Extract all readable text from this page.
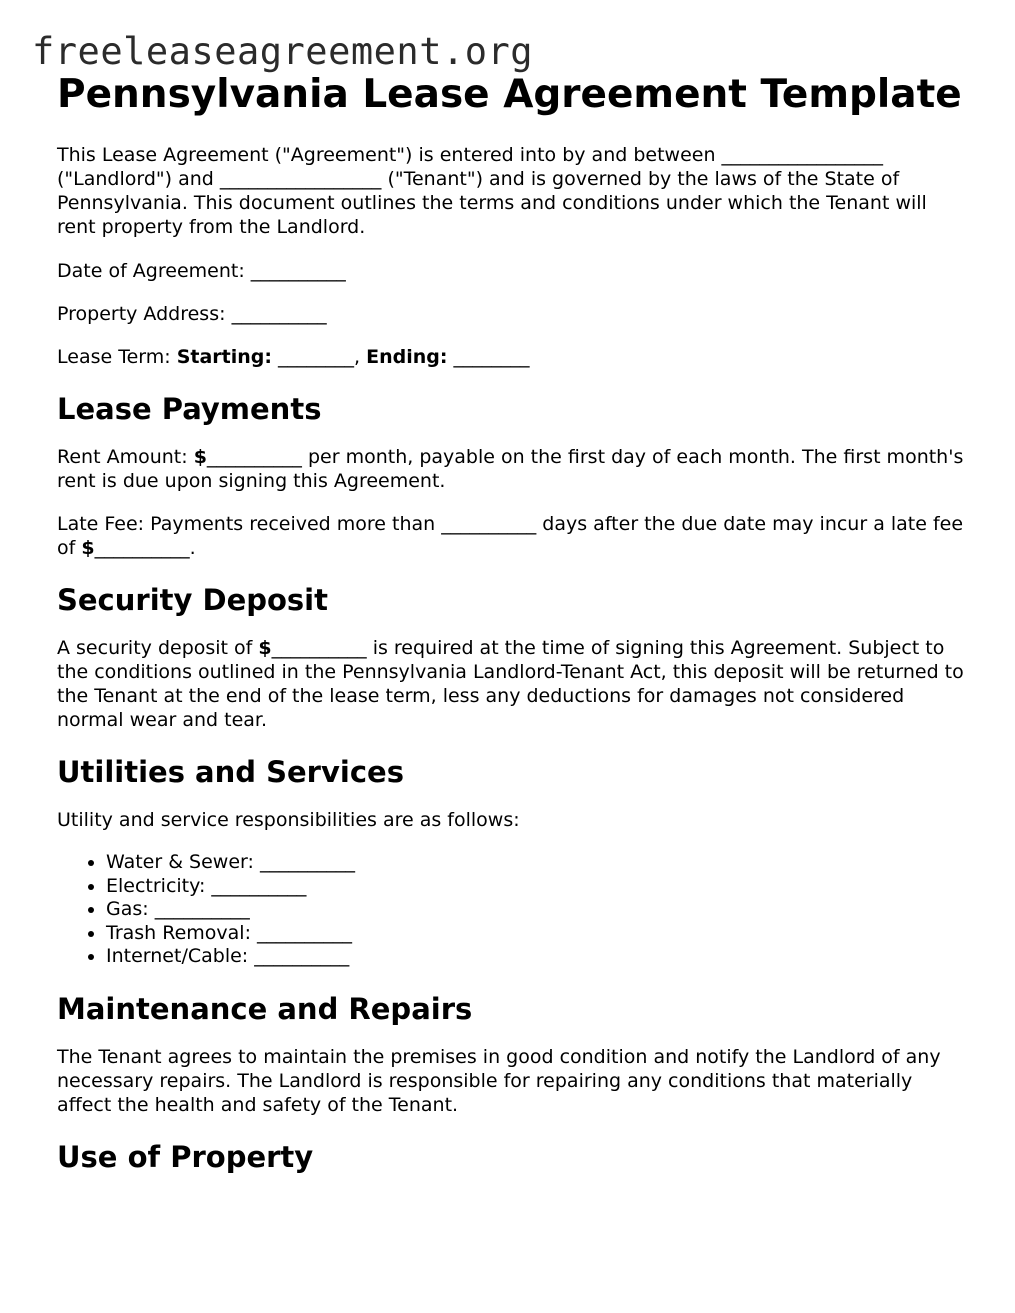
freeleaseagreement.org
Pennsylvania Lease Agreement Template

This Lease Agreement ("Agreement") is entered into by and between _________________ ("Landlord") and _________________ ("Tenant") and is governed by the laws of the State of Pennsylvania. This document outlines the terms and conditions under which the Tenant will rent property from the Landlord.

Date of Agreement: __________

Property Address: __________

Lease Term: Starting: ________, Ending: ________

Lease Payments

Rent Amount: $__________ per month, payable on the first day of each month. The first month's rent is due upon signing this Agreement.

Late Fee: Payments received more than __________ days after the due date may incur a late fee of $__________.

Security Deposit

A security deposit of $__________ is required at the time of signing this Agreement. Subject to the conditions outlined in the Pennsylvania Landlord-Tenant Act, this deposit will be returned to the Tenant at the end of the lease term, less any deductions for damages not considered normal wear and tear.

Utilities and Services

Utility and service responsibilities are as follows:

• Water & Sewer: __________
• Electricity: __________
• Gas: __________
• Trash Removal: __________
• Internet/Cable: __________
Maintenance and Repairs

The Tenant agrees to maintain the premises in good condition and notify the Landlord of any necessary repairs. The Landlord is responsible for repairing any conditions that materially affect the health and safety of the Tenant.

Use of Property
